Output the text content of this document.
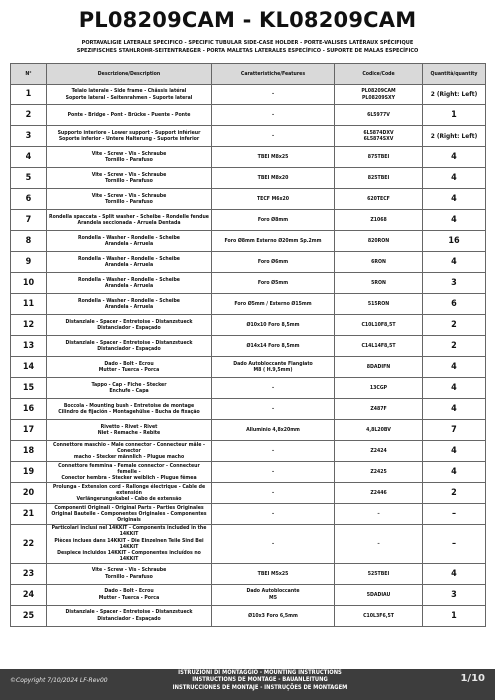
PL08209CAM - KL08209CAM
PORTAVALIGIE LATERALE SPECIFICO - SPECIFIC TUBULAR SIDE-CASE HOLDER - PORTE-VALISES LATÉRAUX SPÉCIFIQUE
SPEZIFISCHES STAHLROHR-SEITENTRAEGER - PORTA MALETAS LATERALES ESPECÍFICO - SUPORTE DE MALAS ESPECÍFICO
N°	Descrizione/Description	Caratteristiche/Features	Codice/Code	Quantità/quantity
1	Telaio laterale - Side frame - Châssis latéral
Soporte lateral - Seitenrahmen - Suporte lateral	–	PL08209CAM
PL08209SXY	2 (Right: Left)
2	Ponte - Bridge - Pont - Brücke - Puente - Ponte	–	6L5977V	1
3	Supporto interiore - Lower support - Support inférieur
Soporte inferior - Untere Halterung - Suporte inferior	–	6L5874DXV
6L5874SXV	2 (Right: Left)
4	Vite - Screw - Vis - Schraube
Tornillo - Parafuso	TBEI M8x25	875TBEI	4
5	Vite - Screw - Vis - Schraube
Tornillo - Parafuso	TBEI M8x20	825TBEI	4
6	Vite - Screw - Vis - Schraube
Tornillo - Parafuso	TECF M6x20	620TECF	4
7	Rondella spaccata - Split washer - Scheibe - Rondelle fendue
Arandela seccionada - Arruela Dentada	Foro Ø8mm	Z1068	4
8	Rondella - Washer - Rondelle - Scheibe
Arandela - Arruela	Foro Ø8mm Esterno Ø20mm Sp.2mm	820RON	16
9	Rondella - Washer - Rondelle - Scheibe
Arandela - Arruela	Foro Ø6mm	6RON	4
10	Rondella - Washer - Rondelle - Scheibe
Arandela - Arruela	Foro Ø5mm	5RON	3
11	Rondella - Washer - Rondelle - Scheibe
Arandela - Arruela	Foro Ø5mm / Esterno Ø15mm	515RON	6
12	Distanziale - Spacer - Entretoise - Distanzstueck
Distanciador - Espaçado	Ø10x10 Foro 8,5mm	C10L10F8,5T	2
13	Distanziale - Spacer - Entretoise - Distanzstueck
Distanciador - Espaçado	Ø14x14 Foro 8,5mm	C14L14F8,5T	2
14	Dado - Bolt - Ecrou
Mutter - Tuerca - Porca	Dado Autobloccante Flangiato
M8 ( H.9,5mm)	8DADIFN	4
15	Tappo - Cap - Fiche - Stecker
Enchufe - Capa	–	13CGP	4
16	Boccola - Mounting bush - Entretoise de montage
Cilindro de fijación - Montagehülse - Bucha de fixação	–	Z487F	4
17	Rivetto - Rivet - Rivet
Niet - Remache - Rebite	Alluminio 4,8x20mm	4,8L20BV	7
18	Connettore maschio - Male connector - Connecteur mâle - Conector
macho - Stecker männlich - Plugue macho	–	Z2424	4
19	Connettore femmina - Female connector - Connecteur femelle -
Conector hembra - Stecker weiblich - Plugue fêmea	–	Z2425	4
20	Prolunga - Extension cord - Rallonge électrique - Cable de extensión
Verlängerungskabel - Cabo de extensão	–	Z2446	2
21	Componenti Originali - Original Parts - Parties Originales
Original Bauteile - Componentes Originales - Componentes Originais	–	–	–
22	Particolari inclusi nel 14KKIT - Components included in the 14KKIT
Pièces inclues dans 14KKIT - Die Einzelnen Teile Sind Bei 14KKIT
Despiece incluidos 14KKIT - Componentes incluídos no 14KKIT	–	–	–
23	Vite - Screw - Vis - Schraube
Tornillo - Parafuso	TBEI M5x25	525TBEI	4
24	Dado - Bolt - Ecrou
Mutter - Tuerca - Porca	Dado Autobloccante
M5	5DADIAU	3
25	Distanziale - Spacer - Entretoise - Distanzstueck
Distanciador - Espaçado	Ø10x3 Foro 6,5mm	C10L3F6,5T	1
©Copyright 7/10/2024 LF-Rev00
ISTRUZIONI DI MONTAGGIO - MOUNTING INSTRUCTIONS
INSTRUCTIONS DE MONTAGE - BAUANLEITUNG
INSTRUCCIONES DE MONTAJE - INSTRUÇÕES DE MONTAGEM
1/10
